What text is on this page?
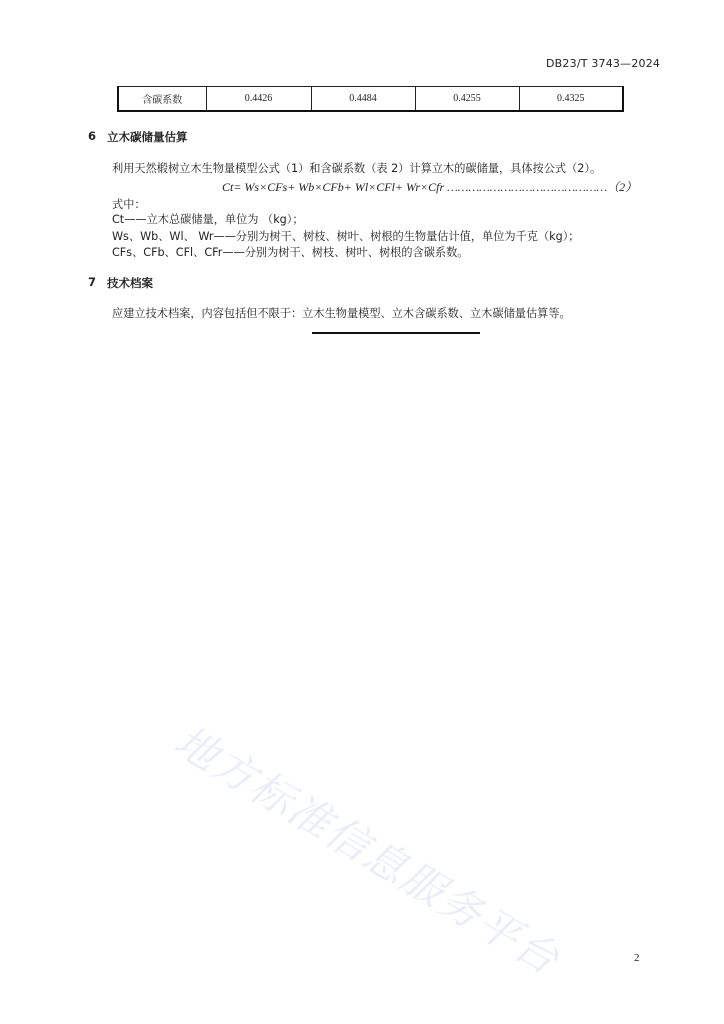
DB23/T 3743—2024
含碳系数	0.4426	0.4484	0.4255	0.4325
6 立木碳储量估算
利用天然椴树立木生物量模型公式（1）和含碳系数（表 2）计算立木的碳储量，具体按公式（2）。
Ct= Ws×CFs+ Wb×CFb+ Wl×CFl+ Wr×Cfr ………………………………………（2）
式中：
Ct——立木总碳储量，单位为 （kg）；
Ws、Wb、Wl、 Wr——分别为树干、树枝、树叶、树根的生物量估计值，单位为千克（kg）；
CFs、CFb、CFl、CFr——分别为树干、树枝、树叶、树根的含碳系数。
7 技术档案
应建立技术档案，内容包括但不限于：立木生物量模型、立木含碳系数、立木碳储量估算等。
地方标准信息服务平台	2
